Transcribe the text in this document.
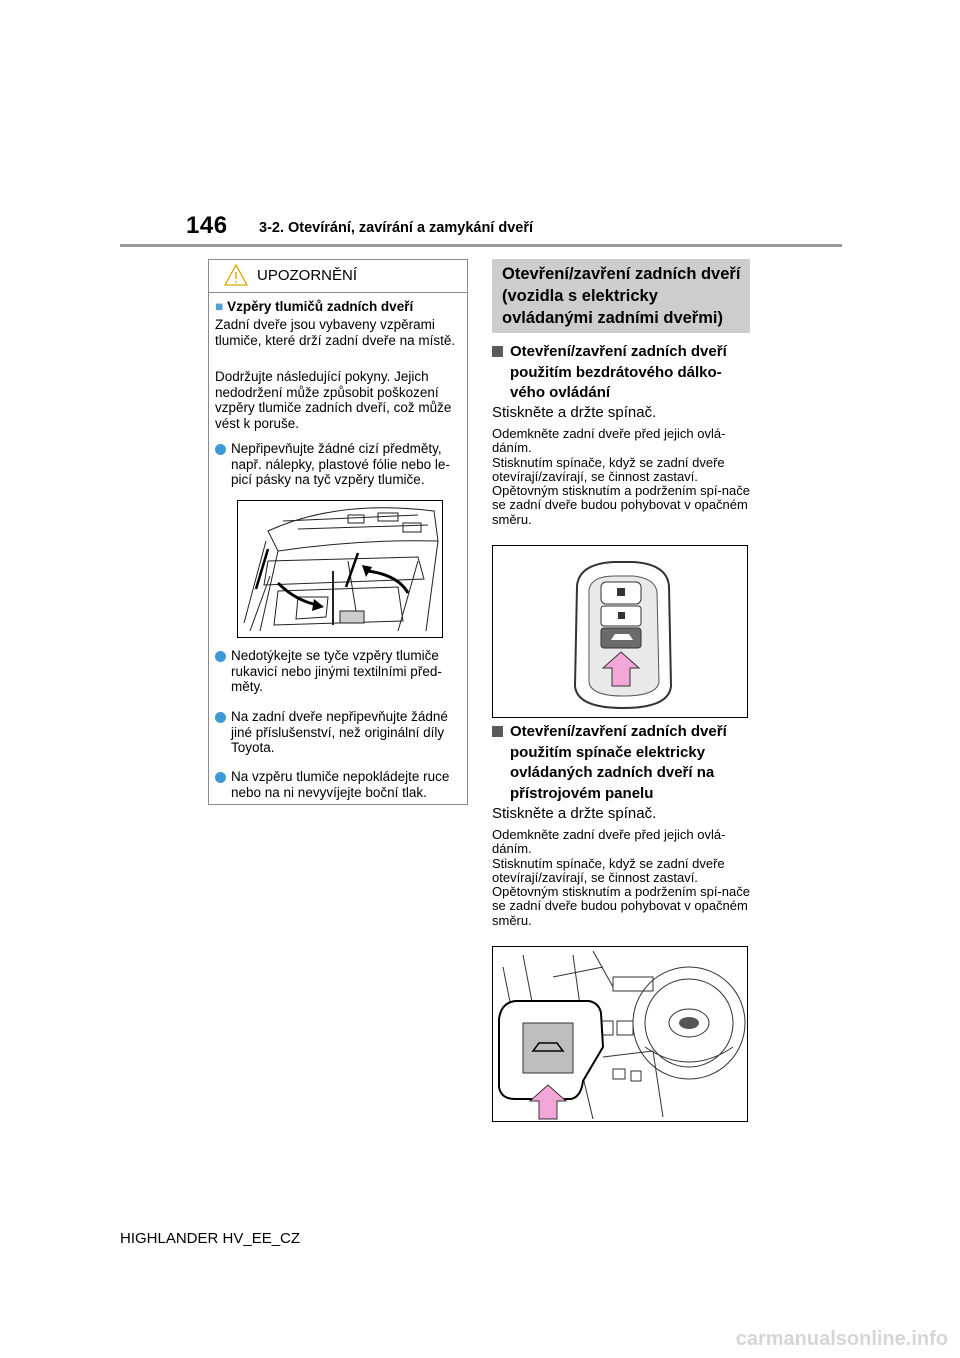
146 3-2. Otevírání, zavírání a zamykání dveří
UPOZORNĚNÍ
■ Vzpěry tlumičů zadních dveří
Zadní dveře jsou vybaveny vzpěrami tlumiče, které drží zadní dveře na místě.
Dodržujte následující pokyny. Jejich nedodržení může způsobit poškození vzpěry tlumiče zadních dveří, což může vést k poruše.
Nepřipevňujte žádné cizí předměty, např. nálepky, plastové fólie nebo le-picí pásky na tyč vzpěry tlumiče.
Nedotýkejte se tyče vzpěry tlumiče rukavicí nebo jinými textilními před-měty.
Na zadní dveře nepřipevňujte žádné jiné příslušenství, než originální díly Toyota.
Na vzpěru tlumiče nepokládejte ruce nebo na ni nevyvíjejte boční tlak.
Otevření/zavření zadních dveří (vozidla s elektricky ovládanými zadními dveřmi)
Otevření/zavření zadních dveří použitím bezdrátového dálko-vého ovládání
Stiskněte a držte spínač.
Odemkněte zadní dveře před jejich ovlá-dáním.
Stisknutím spínače, když se zadní dveře otevírají/zavírají, se činnost zastaví.
Opětovným stisknutím a podržením spí-nače se zadní dveře budou pohybovat v opačném směru.
Otevření/zavření zadních dveří použitím spínače elektricky ovládaných zadních dveří na přístrojovém panelu
Stiskněte a držte spínač.
Odemkněte zadní dveře před jejich ovlá-dáním.
Stisknutím spínače, když se zadní dveře otevírají/zavírají, se činnost zastaví.
Opětovným stisknutím a podržením spí-nače se zadní dveře budou pohybovat v opačném směru.
HIGHLANDER HV_EE_CZ
carmanualsonline.info
